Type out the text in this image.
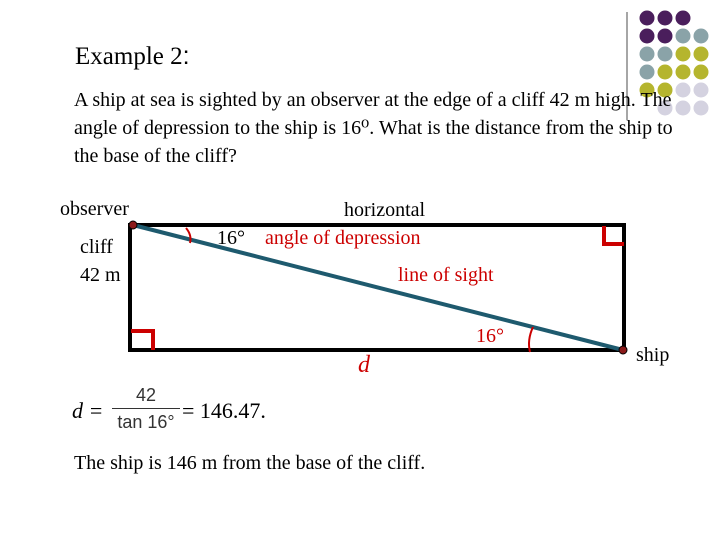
Example 2:
A ship at sea is sighted by an observer at the edge of a cliff 42 m high. The angle of depression to the ship is 16⁰. What is the distance from the ship to the base of the cliff?
observer
cliff
42 m
horizontal
16° angle of depression
line of sight
16°
d	ship
d =
42
tan 16° = 146.47.
The ship is 146 m from the base of the cliff.
